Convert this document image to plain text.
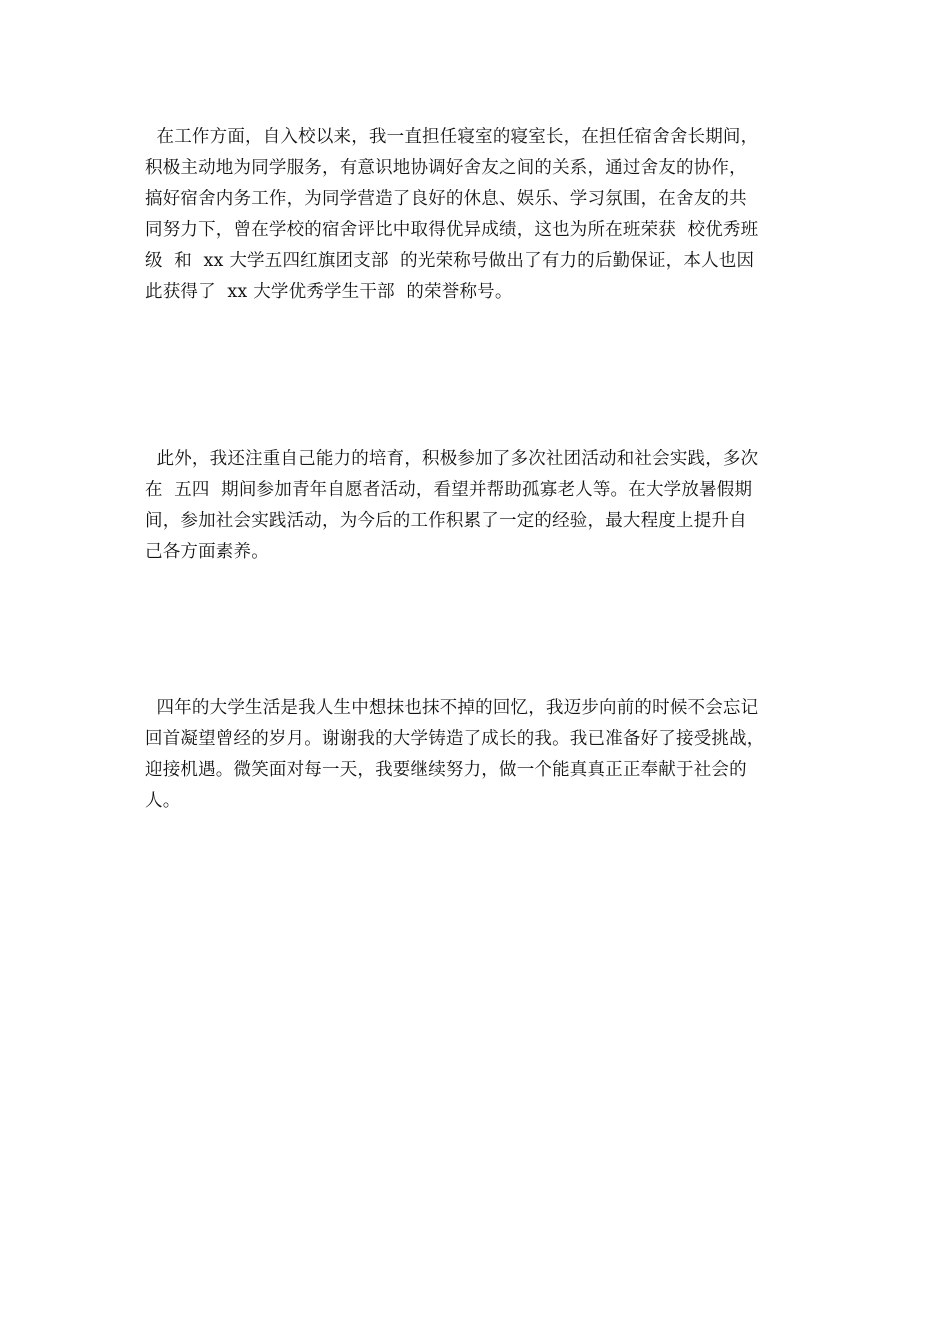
在工作方面，自入校以来，我一直担任寝室的寝室长，在担任宿舍舍长期间，
积极主动地为同学服务，有意识地协调好舍友之间的关系，通过舍友的协作，
搞好宿舍内务工作，为同学营造了良好的休息、娱乐、学习氛围，在舍友的共
同努力下，曾在学校的宿舍评比中取得优异成绩，这也为所在班荣获  校优秀班
级  和  xx 大学五四红旗团支部  的光荣称号做出了有力的后勤保证，本人也因
此获得了  xx 大学优秀学生干部  的荣誉称号。
此外，我还注重自己能力的培育，积极参加了多次社团活动和社会实践，多次
在  五四  期间参加青年自愿者活动，看望并帮助孤寡老人等。在大学放暑假期
间，参加社会实践活动，为今后的工作积累了一定的经验，最大程度上提升自
己各方面素养。
四年的大学生活是我人生中想抹也抹不掉的回忆，我迈步向前的时候不会忘记
回首凝望曾经的岁月。谢谢我的大学铸造了成长的我。我已准备好了接受挑战，
迎接机遇。微笑面对每一天，我要继续努力，做一个能真真正正奉献于社会的
人。
